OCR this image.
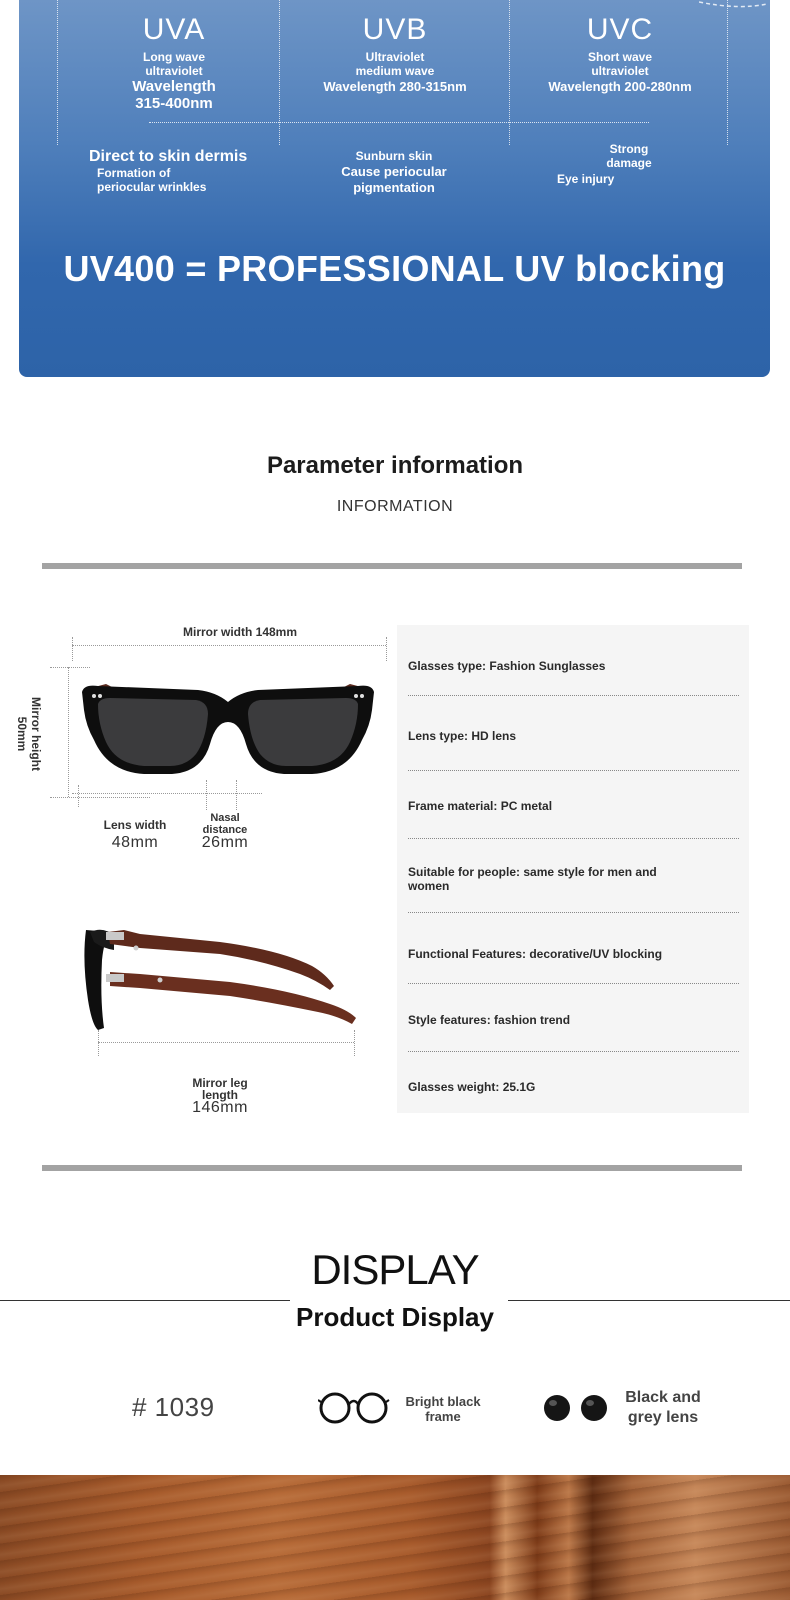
UVA
Long wave
ultraviolet
Wavelength
315-400nm
UVB
Ultraviolet
medium wave
Wavelength 280-315nm
UVC
Short wave
ultraviolet
Wavelength 200-280nm
Direct to skin dermis
Formation of
periocular wrinkles
Sunburn skin
Cause periocular
pigmentation
Strong
damage
Eye injury
UV400 = PROFESSIONAL UV blocking
Parameter information
INFORMATION
Mirror width 148mm
Mirror height
50mm
Lens width
48mm
Nasal
distance
26mm
Mirror leg
length
146mm
Glasses type: Fashion Sunglasses
Lens type: HD lens
Frame material: PC metal
Suitable for people: same style for men and women
Functional Features: decorative/UV blocking
Style features: fashion trend
Glasses weight: 25.1G
DISPLAY
Product Display
# 1039	Bright black
frame
Black and
grey lens
